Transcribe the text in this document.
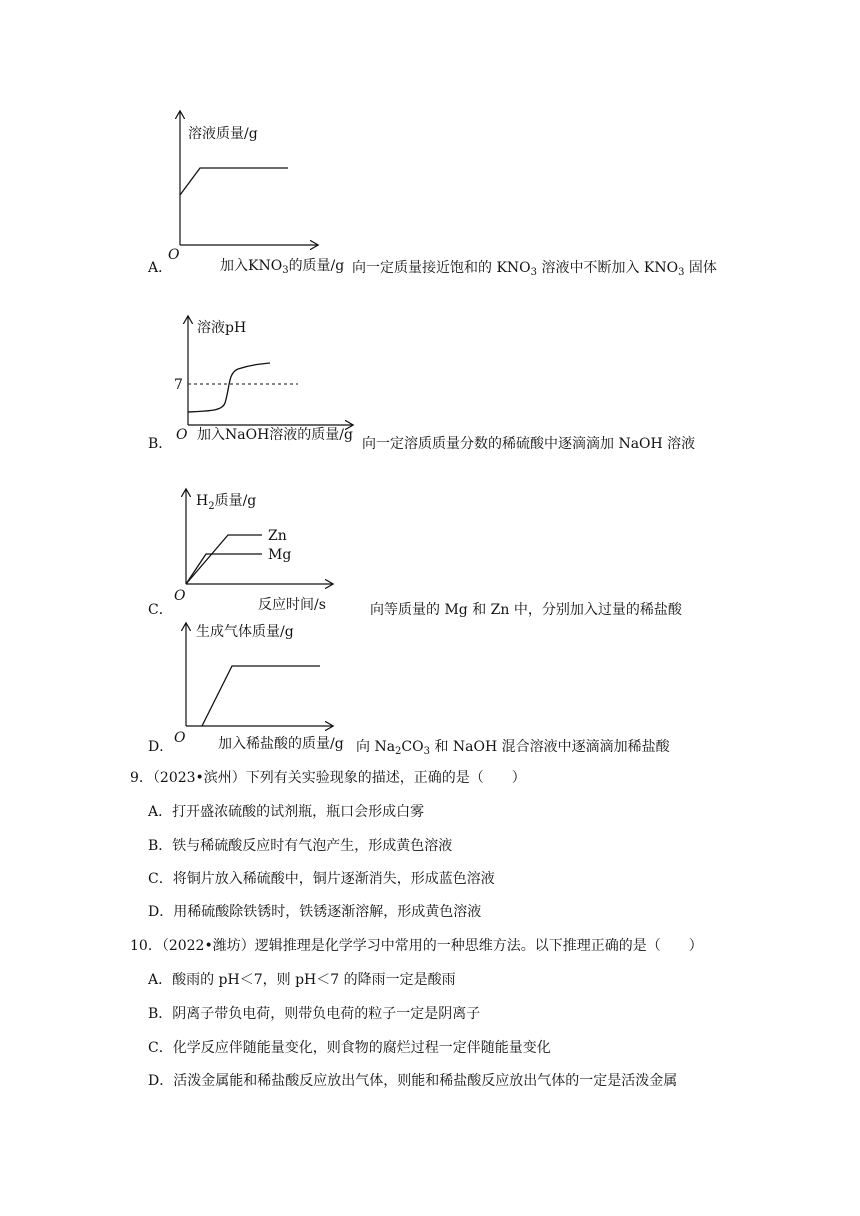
A．
溶液质量/g
O
加入$KNO_3$的质量/g 向一定质量接近饱和的 $KNO_3$ 溶液中不断加入 $KNO_3$ 固体
B．
溶液pH
7
O 加入NaOH溶液的质量/g
向一定溶质质量分数的稀硫酸中逐滴滴加 NaOH 溶液
C．
$H_2$质量/g
Zn
Mg
O
反应时间/s	向等质量的 Mg 和 Zn 中，分别加入过量的稀盐酸
D．
生成气体质量/g
O 加入稀盐酸的质量/g 向 $Na_2CO_3$ 和 NaOH 混合溶液中逐滴滴加稀盐酸
9．（2023•滨州）下列有关实验现象的描述，正确的是（　　）
A．打开盛浓硫酸的试剂瓶，瓶口会形成白雾
B．铁与稀硫酸反应时有气泡产生，形成黄色溶液
C．将铜片放入稀硫酸中，铜片逐渐消失，形成蓝色溶液
D．用稀硫酸除铁锈时，铁锈逐渐溶解，形成黄色溶液
10．（2022•潍坊）逻辑推理是化学学习中常用的一种思维方法。以下推理正确的是（　　）
A．酸雨的 pH＜7，则 pH＜7 的降雨一定是酸雨
B．阴离子带负电荷，则带负电荷的粒子一定是阴离子
C．化学反应伴随能量变化，则食物的腐烂过程一定伴随能量变化
D．活泼金属能和稀盐酸反应放出气体，则能和稀盐酸反应放出气体的一定是活泼金属
